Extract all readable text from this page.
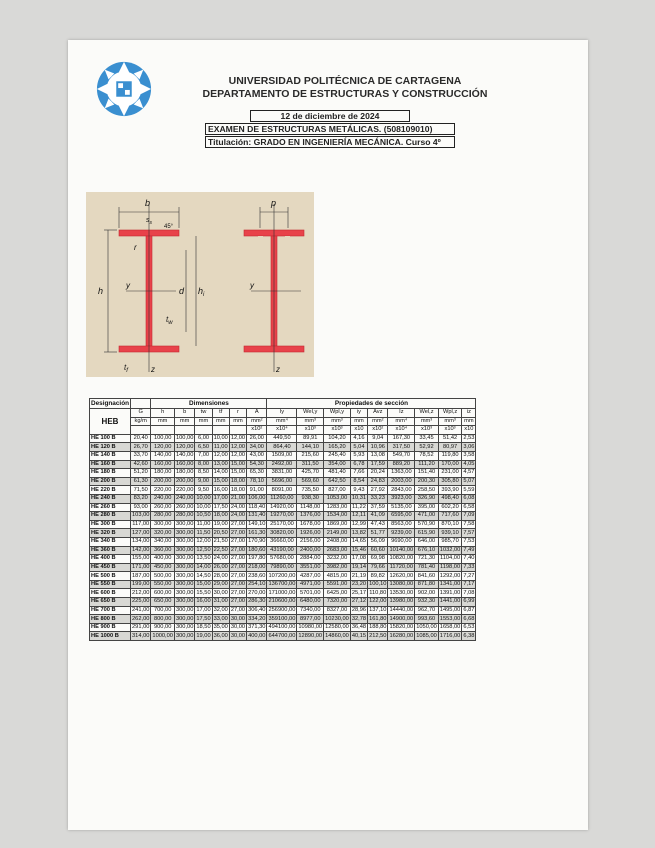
UNIVERSIDAD POLITÉCNICA DE CARTAGENA
DEPARTAMENTO DE ESTRUCTURAS Y CONSTRUCCIÓN
12 de diciembre de 2024
EXAMEN DE ESTRUCTURAS METÁLICAS. (508109010)
Titulación: GRADO EN INGENIERÍA MECÁNICA. Curso 4º
b
$s_s$
45°
r
h
y
d $h_i$
$t_w$
z
$t_f$
p
y
z
Designación		Dimensiones						Propiedades de sección								
HEB	G	h	b	tw	tf	r	A	Iy	Wel,y	Wpl,y	iy	Avz	Iz	Wel,z	Wpl,z	iz
	kg/m	mm	mm	mm	mm	mm	mm²	mm⁴	mm³	mm³	mm	mm²	mm⁴	mm³	mm³	mm
							x10²	x10⁴	x10³	x10³	x10	x10²	x10⁴	x10³	x10³	x10
HE 100 B	20,40	100,00	100,00	6,00	10,00	12,00	26,00	449,50	89,91	104,20	4,16	9,04	167,30	33,45	51,42	2,53
HE 120 B	26,70	120,00	120,00	6,50	11,00	12,00	34,00	864,40	144,10	165,20	5,04	10,96	317,50	52,92	80,97	3,06
HE 140 B	33,70	140,00	140,00	7,00	12,00	12,00	43,00	1509,00	215,60	245,40	5,93	13,08	549,70	78,52	119,80	3,58
HE 160 B	42,60	160,00	160,00	8,00	13,00	15,00	54,30	2492,00	311,50	354,00	6,78	17,59	889,20	111,20	170,00	4,05
HE 180 B	51,20	180,00	180,00	8,50	14,00	15,00	65,30	3831,00	425,70	481,40	7,66	20,24	1363,00	151,40	231,00	4,57
HE 200 B	61,30	200,00	200,00	9,00	15,00	18,00	78,10	5696,00	569,60	642,50	8,54	24,83	2003,00	200,30	305,80	5,07
HE 220 B	71,50	220,00	220,00	9,50	16,00	18,00	91,00	8091,00	735,50	827,00	9,43	27,92	2843,00	258,50	393,90	5,59
HE 240 B	83,20	240,00	240,00	10,00	17,00	21,00	106,00	11260,00	938,30	1053,00	10,31	33,23	3923,00	326,90	498,40	6,08
HE 260 B	93,00	260,00	260,00	10,00	17,50	24,00	118,40	14920,00	1148,00	1283,00	11,22	37,59	5135,00	395,00	602,20	6,58
HE 280 B	103,00	280,00	280,00	10,50	18,00	24,00	131,40	19270,00	1376,00	1534,00	12,11	41,09	6595,00	471,00	717,60	7,09
HE 300 B	117,00	300,00	300,00	11,00	19,00	27,00	149,10	25170,00	1678,00	1869,00	12,99	47,43	8563,00	570,90	870,10	7,58
HE 320 B	127,00	320,00	300,00	11,50	20,50	27,00	161,30	30820,00	1926,00	2149,00	13,82	51,77	9239,00	615,90	939,10	7,57
HE 340 B	134,00	340,00	300,00	12,00	21,50	27,00	170,90	36660,00	2156,00	2408,00	14,65	56,09	9690,00	646,00	985,70	7,53
HE 360 B	142,00	360,00	300,00	12,50	22,50	27,00	180,60	43190,00	2400,00	2683,00	15,46	60,60	10140,00	676,10	1032,00	7,49
HE 400 B	155,00	400,00	300,00	13,50	24,00	27,00	197,80	57680,00	2884,00	3232,00	17,08	69,98	10820,00	721,30	1104,00	7,40
HE 450 B	171,00	450,00	300,00	14,00	26,00	27,00	218,00	79890,00	3551,00	3982,00	19,14	79,66	11720,00	781,40	1198,00	7,33
HE 500 B	187,00	500,00	300,00	14,50	28,00	27,00	238,60	107200,00	4287,00	4815,00	21,19	89,82	12620,00	841,60	1292,00	7,27
HE 550 B	199,00	550,00	300,00	15,00	29,00	27,00	254,10	136700,00	4971,00	5591,00	23,20	100,10	13080,00	871,80	1341,00	7,17
HE 600 B	212,00	600,00	300,00	15,50	30,00	27,00	270,00	171000,00	5701,00	6425,00	25,17	110,80	13530,00	902,00	1391,00	7,08
HE 650 B	225,00	650,00	300,00	16,00	31,00	27,00	286,30	210600,00	6480,00	7320,00	27,12	122,00	13980,00	932,30	1441,00	6,99
HE 700 B	241,00	700,00	300,00	17,00	32,00	27,00	306,40	256900,00	7340,00	8327,00	28,96	137,10	14440,00	962,70	1495,00	6,87
HE 800 B	262,00	800,00	300,00	17,50	33,00	30,00	334,20	359100,00	8977,00	10230,00	32,78	161,80	14900,00	993,60	1553,00	6,68
HE 900 B	291,00	900,00	300,00	18,50	35,00	30,00	371,30	494100,00	10980,00	12580,00	36,48	188,80	15820,00	1050,00	1658,00	6,53
HE 1000 B	314,00	1000,00	300,00	19,00	36,00	30,00	400,00	644700,00	12890,00	14860,00	40,15	212,50	16280,00	1085,00	1716,00	6,38
